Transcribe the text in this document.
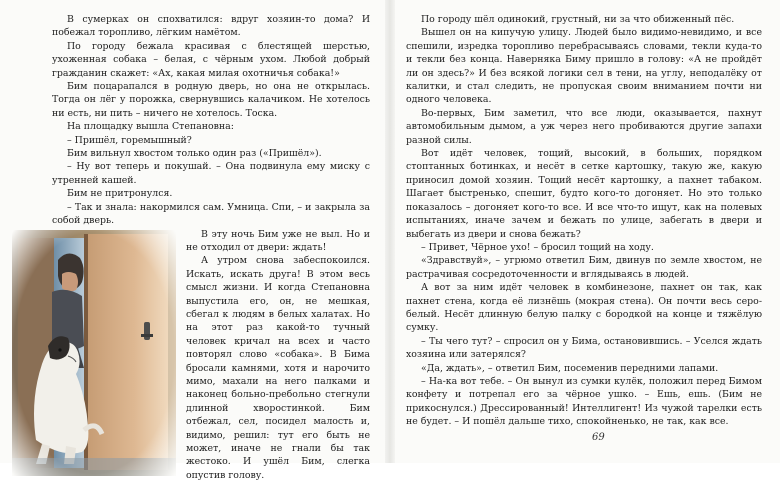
В сумерках он спохватился: вдруг хозяин-то дома? И побежал торопливо, лёгким намётом.

По городу бежала красивая с блестящей шерстью, ухоженная собака – белая, с чёрным ухом. Любой добрый гражданин скажет: «Ах, какая милая охотничья собака!»

Бим поцарапался в родную дверь, но она не открылась. Тогда он лёг у порожка, свернувшись калачиком. Не хотелось ни есть, ни пить – ничего не хотелось. Тоска.

На площадку вышла Степановна:

– Пришёл, горемышный?

Бим вильнул хвостом только один раз («Пришёл»).

– Ну вот теперь и покушай. – Она подвинула ему миску с утренней кашей.

Бим не притронулся.

– Так и знала: накормился сам. Умница. Спи, – и закрыла за собой дверь.

В эту ночь Бим уже не выл. Но и не отходил от двери: ждать!

А утром снова забеспокоился. Искать, искать друга! В этом весь смысл жизни. И когда Степановна выпустила его, он, не мешкая, сбегал к людям в белых халатах. Но на этот раз какой-то тучный человек кричал на всех и часто повторял слово «собака». В Бима бросали камнями, хотя и нарочито мимо, махали на него палками и наконец больно-пребольно стегнули длинной хворостинкой. Бим отбежал, сел, посидел малость и, видимо, решил: тут его быть не может, иначе не гнали бы так жестоко. И ушёл Бим, слегка опустив голову.

По городу шёл одинокий, грустный, ни за что обиженный пёс.

Вышел он на кипучую улицу. Людей было видимо-невидимо, и все спешили, изредка торопливо перебрасываясь словами, текли куда-то и текли без конца. Наверняка Биму пришло в голову: «А не пройдёт ли он здесь?» И без всякой логики сел в тени, на углу, неподалёку от калитки, и стал следить, не пропуская своим вниманием почти ни одного человека.

Во-первых, Бим заметил, что все люди, оказывается, пахнут автомобильным дымом, а уж через него пробиваются другие запахи разной силы.

Вот идёт человек, тощий, высокий, в больших, порядком стоптанных ботинках, и несёт в сетке картошку, такую же, какую приносил домой хозяин. Тощий несёт картошку, а пахнет табаком. Шагает быстренько, спешит, будто кого-то догоняет. Но это только показалось – догоняет кого-то все. И все что-то ищут, как на полевых испытаниях, иначе зачем и бежать по улице, забегать в двери и выбегать из двери и снова бежать?

– Привет, Чёрное ухо! – бросил тощий на ходу.

«Здравствуй», – угрюмо ответил Бим, двинув по земле хвостом, не растрачивая сосредоточенности и вглядываясь в людей.

А вот за ним идёт человек в комбинезоне, пахнет он так, как пахнет стена, когда её лизнёшь (мокрая стена). Он почти весь серо-белый. Несёт длинную белую палку с бородкой на конце и тяжёлую сумку.

– Ты чего тут? – спросил он у Бима, остановившись. – Уселся ждать хозяина или затерялся?

«Да, ждать», – ответил Бим, посеменив передними лапами.

– На-ка вот тебе. – Он вынул из сумки кулёк, положил перед Бимом конфету и потрепал его за чёрное ушко. – Ешь, ешь. (Бим не прикоснулся.) Дрессированный! Интеллигент! Из чужой тарелки есть не будет. – И пошёл дальше тихо, спокойненько, не так, как все.

69
